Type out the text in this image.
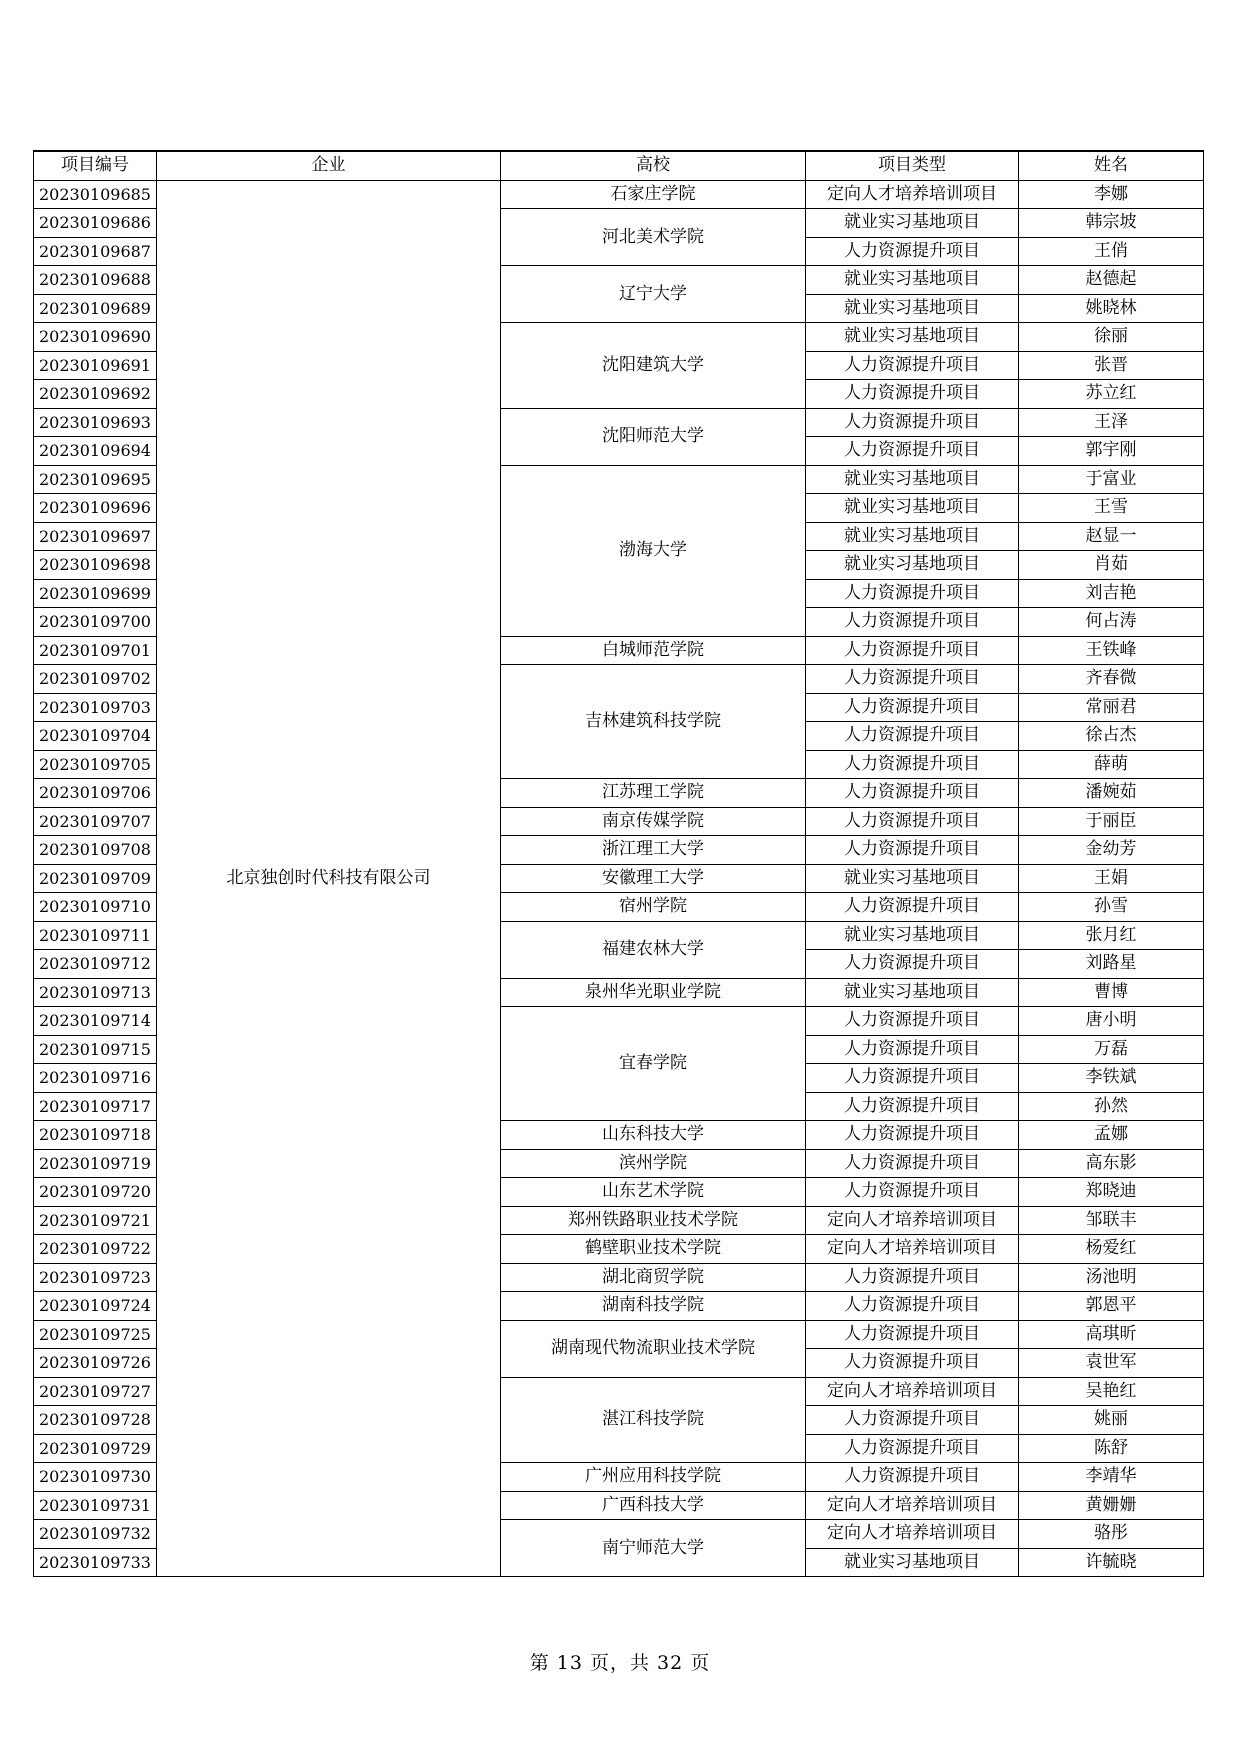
项目编号	企业	高校	项目类型	姓名
20230109685	北京独创时代科技有限公司	石家庄学院	定向人才培养培训项目	李娜
20230109686		河北美术学院	就业实习基地项目	韩宗坡
20230109687			人力资源提升项目	王俏
20230109688		辽宁大学	就业实习基地项目	赵德起
20230109689			就业实习基地项目	姚晓林
20230109690		沈阳建筑大学	就业实习基地项目	徐丽
20230109691			人力资源提升项目	张晋
20230109692			人力资源提升项目	苏立红
20230109693		沈阳师范大学	人力资源提升项目	王泽
20230109694			人力资源提升项目	郭宇刚
20230109695		渤海大学	就业实习基地项目	于富业
20230109696			就业实习基地项目	王雪
20230109697			就业实习基地项目	赵显一
20230109698			就业实习基地项目	肖茹
20230109699			人力资源提升项目	刘吉艳
20230109700			人力资源提升项目	何占涛
20230109701		白城师范学院	人力资源提升项目	王铁峰
20230109702		吉林建筑科技学院	人力资源提升项目	齐春微
20230109703			人力资源提升项目	常丽君
20230109704			人力资源提升项目	徐占杰
20230109705			人力资源提升项目	薛萌
20230109706		江苏理工学院	人力资源提升项目	潘婉茹
20230109707		南京传媒学院	人力资源提升项目	于丽臣
20230109708		浙江理工大学	人力资源提升项目	金幼芳
20230109709		安徽理工大学	就业实习基地项目	王娟
20230109710		宿州学院	人力资源提升项目	孙雪
20230109711		福建农林大学	就业实习基地项目	张月红
20230109712			人力资源提升项目	刘路星
20230109713		泉州华光职业学院	就业实习基地项目	曹博
20230109714		宜春学院	人力资源提升项目	唐小明
20230109715			人力资源提升项目	万磊
20230109716			人力资源提升项目	李铁斌
20230109717			人力资源提升项目	孙然
20230109718		山东科技大学	人力资源提升项目	孟娜
20230109719		滨州学院	人力资源提升项目	高东影
20230109720		山东艺术学院	人力资源提升项目	郑晓迪
20230109721		郑州铁路职业技术学院	定向人才培养培训项目	邹联丰
20230109722		鹤壁职业技术学院	定向人才培养培训项目	杨爱红
20230109723		湖北商贸学院	人力资源提升项目	汤池明
20230109724		湖南科技学院	人力资源提升项目	郭恩平
20230109725		湖南现代物流职业技术学院	人力资源提升项目	高琪昕
20230109726			人力资源提升项目	袁世军
20230109727		湛江科技学院	定向人才培养培训项目	吴艳红
20230109728			人力资源提升项目	姚丽
20230109729			人力资源提升项目	陈舒
20230109730		广州应用科技学院	人力资源提升项目	李靖华
20230109731		广西科技大学	定向人才培养培训项目	黄姗姗
20230109732		南宁师范大学	定向人才培养培训项目	骆彤
20230109733			就业实习基地项目	许毓晓
第 13 页，共 32 页
